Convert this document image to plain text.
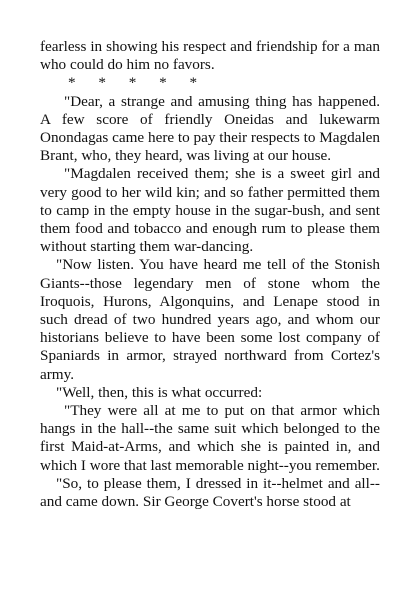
fearless in showing his respect and friendship for a man who could do him no favors.

*      *      *      *      *

"Dear, a strange and amusing thing has happened. A few score of friendly Oneidas and lukewarm Onondagas came here to pay their respects to Magdalen Brant, who, they heard, was living at our house.

"Magdalen received them; she is a sweet girl and very good to her wild kin; and so father permitted them to camp in the empty house in the sugar-bush, and sent them food and tobacco and enough rum to please them without starting them war-dancing.

"Now listen. You have heard me tell of the Stonish Giants--those legendary men of stone whom the Iroquois, Hurons, Algonquins, and Lenape stood in such dread of two hundred years ago, and whom our historians believe to have been some lost company of Spaniards in armor, strayed northward from Cortez's army.

"Well, then, this is what occurred:

"They were all at me to put on that armor which hangs in the hall--the same suit which belonged to the first Maid-at-Arms, and which she is painted in, and which I wore that last memorable night--you remember.

"So, to please them, I dressed in it--helmet and all--and came down. Sir George Covert's horse stood at
